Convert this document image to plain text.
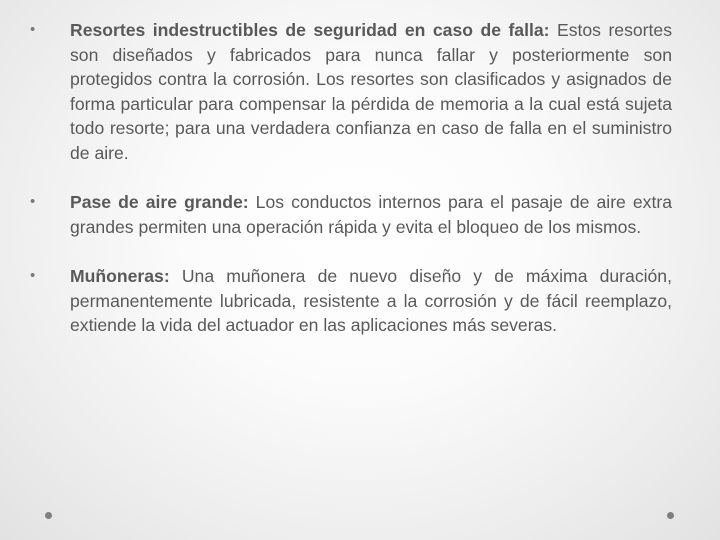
•	Resortes indestructibles de seguridad en caso de falla: Estos resortes son diseñados y fabricados para nunca fallar y posteriormente son protegidos contra la corrosión. Los resortes son clasificados y asignados de forma particular para compensar la pérdida de memoria a la cual está sujeta todo resorte; para una verdadera confianza en caso de falla en el suministro de aire.
•	Pase de aire grande: Los conductos internos para el pasaje de aire extra grandes permiten una operación rápida y evita el bloqueo de los mismos.
•	Muñoneras: Una muñonera de nuevo diseño y de máxima duración, permanentemente lubricada, resistente a la corrosión y de fácil reemplazo, extiende la vida del actuador en las aplicaciones más severas.
